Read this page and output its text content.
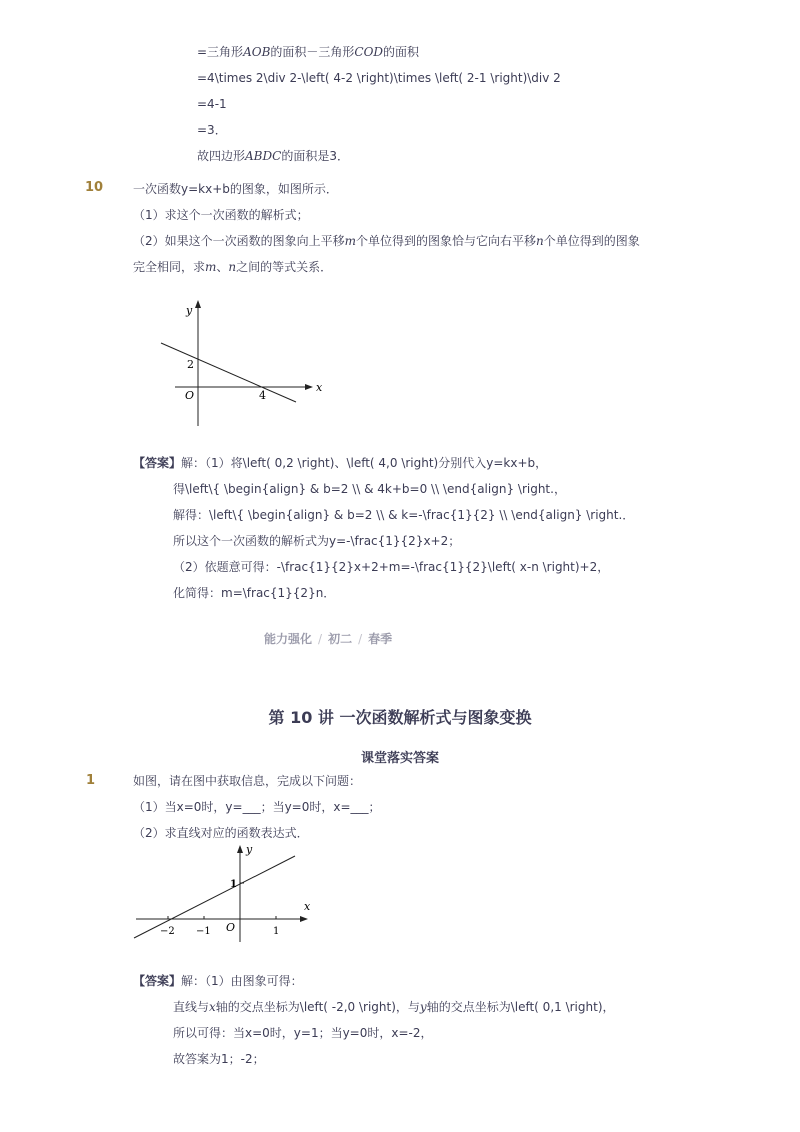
=三角形AOB的面积－三角形COD的面积
=4\times 2\div 2-\left( 4-2 \right)\times \left( 2-1 \right)\div 2
=4-1
=3．
故四边形ABDC的面积是3．
10 一次函数y=kx+b的图象，如图所示．
（1）求这个一次函数的解析式；
（2）如果这个一次函数的图象向上平移m个单位得到的图象恰与它向右平移n个单位得到的图象
完全相同，求m、n之间的等式关系．
y
x
O
2
4
【答案】解：（1）将\left( 0,2 \right)、\left( 4,0 \right)分别代入y=kx+b，
得\left\{ \begin{align} & b=2 \\ & 4k+b=0 \\ \end{align} \right.，
解得：\left\{ \begin{align} & b=2 \\ & k=-\frac{1}{2} \\ \end{align} \right.．
所以这个一次函数的解析式为y=-\frac{1}{2}x+2；
（2）依题意可得：-\frac{1}{2}x+2+m=-\frac{1}{2}\left( x-n \right)+2，
化简得：m=\frac{1}{2}n．
能力强化 / 初二 / 春季
第 10 讲 一次函数解析式与图象变换
课堂落实答案
1	如图，请在图中获取信息，完成以下问题：
（1）当x=0时，y=___；当y=0时，x=___；
（2）求直线对应的函数表达式．
y
x
O
−2 −1	1
1
【答案】解：（1）由图象可得：
直线与x轴的交点坐标为\left( -2,0 \right)，与y轴的交点坐标为\left( 0,1 \right)，
所以可得：当x=0时，y=1；当y=0时，x=-2，
故答案为1；-2；
